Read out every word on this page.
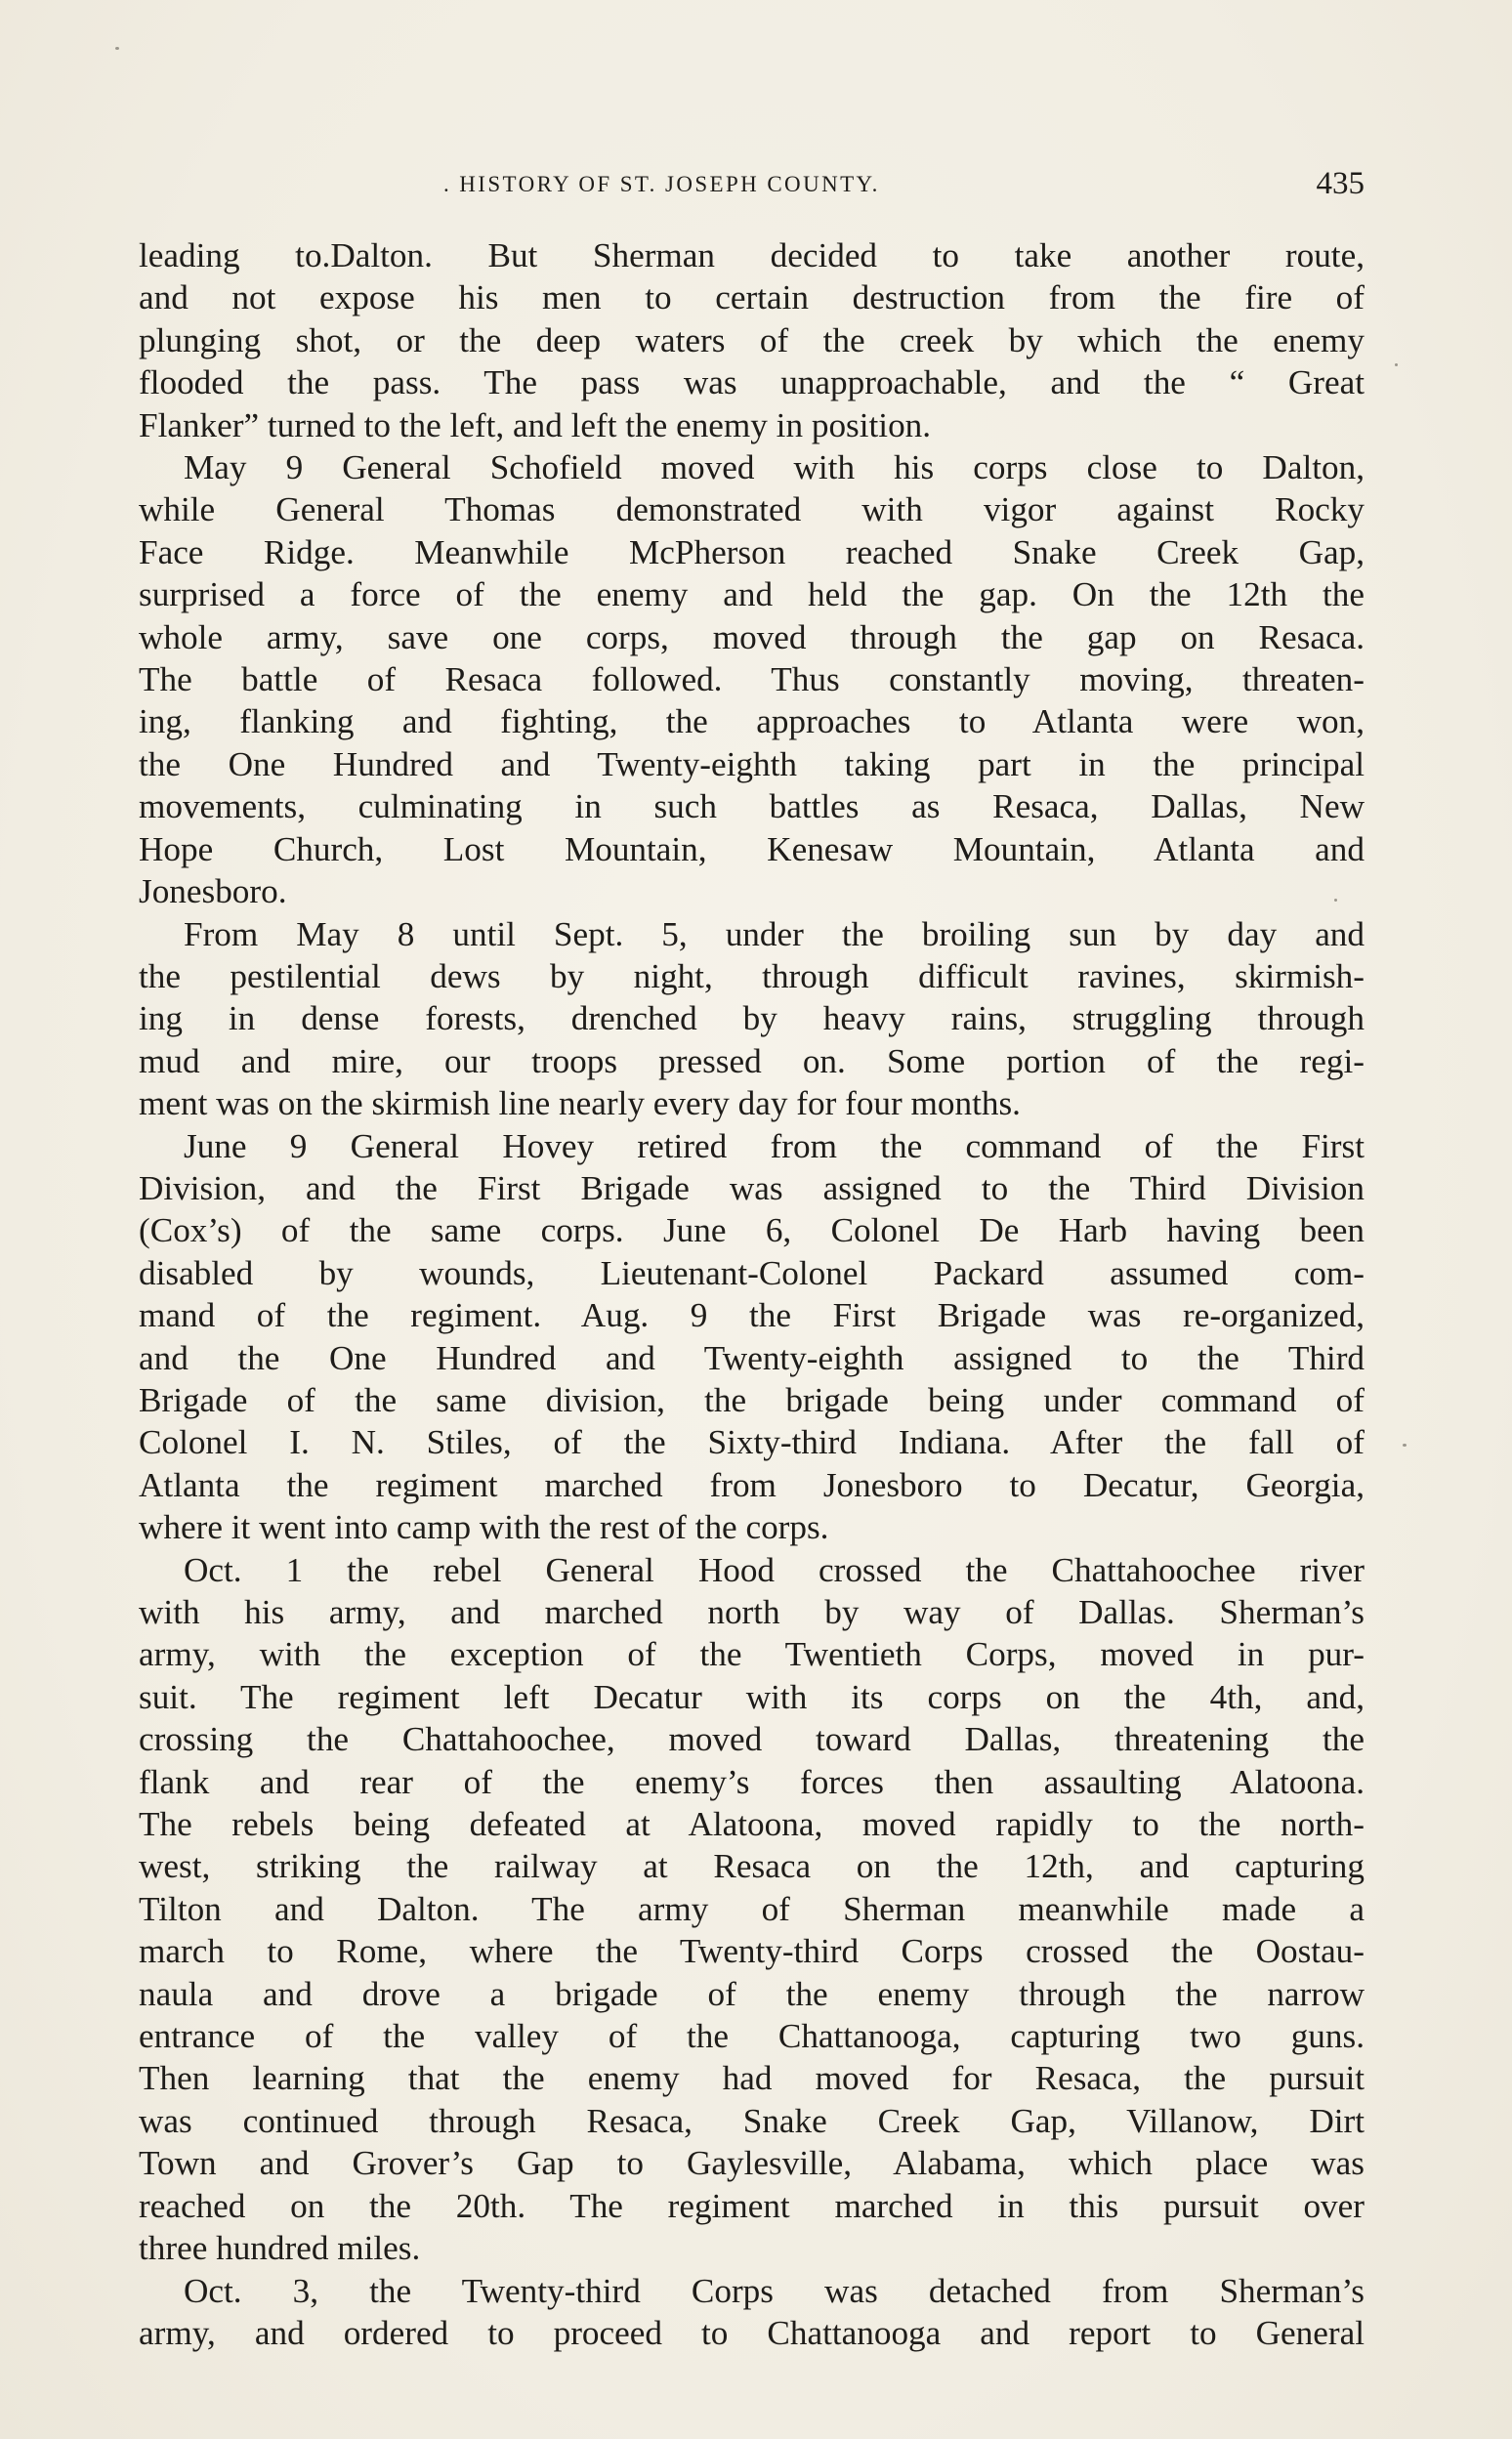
. HISTORY OF ST. JOSEPH COUNTY.	435
leading to.Dalton. But Sherman decided to take another route,
and not expose his men to certain destruction from the fire of
plunging shot, or the deep waters of the creek by which the enemy
flooded the pass. The pass was unapproachable, and the “ Great
Flanker” turned to the left, and left the enemy in position.
May 9 General Schofield moved with his corps close to Dalton,
while General Thomas demonstrated with vigor against Rocky
Face Ridge. Meanwhile McPherson reached Snake Creek Gap,
surprised a force of the enemy and held the gap. On the 12th the
whole army, save one corps, moved through the gap on Resaca.
The battle of Resaca followed. Thus constantly moving, threaten-
ing, flanking and fighting, the approaches to Atlanta were won,
the One Hundred and Twenty-eighth taking part in the principal
movements, culminating in such battles as Resaca, Dallas, New
Hope Church, Lost Mountain, Kenesaw Mountain, Atlanta and
Jonesboro.
From May 8 until Sept. 5, under the broiling sun by day and
the pestilential dews by night, through difficult ravines, skirmish-
ing in dense forests, drenched by heavy rains, struggling through
mud and mire, our troops pressed on. Some portion of the regi-
ment was on the skirmish line nearly every day for four months.
June 9 General Hovey retired from the command of the First
Division, and the First Brigade was assigned to the Third Division
(Cox’s) of the same corps. June 6, Colonel De Harb having been
disabled by wounds, Lieutenant-Colonel Packard assumed com-
mand of the regiment. Aug. 9 the First Brigade was re-organized,
and the One Hundred and Twenty-eighth assigned to the Third
Brigade of the same division, the brigade being under command of
Colonel I. N. Stiles, of the Sixty-third Indiana. After the fall of
Atlanta the regiment marched from Jonesboro to Decatur, Georgia,
where it went into camp with the rest of the corps.
Oct. 1 the rebel General Hood crossed the Chattahoochee river
with his army, and marched north by way of Dallas. Sherman’s
army, with the exception of the Twentieth Corps, moved in pur-
suit. The regiment left Decatur with its corps on the 4th, and,
crossing the Chattahoochee, moved toward Dallas, threatening the
flank and rear of the enemy’s forces then assaulting Alatoona.
The rebels being defeated at Alatoona, moved rapidly to the north-
west, striking the railway at Resaca on the 12th, and capturing
Tilton and Dalton. The army of Sherman meanwhile made a
march to Rome, where the Twenty-third Corps crossed the Oostau-
naula and drove a brigade of the enemy through the narrow
entrance of the valley of the Chattanooga, capturing two guns.
Then learning that the enemy had moved for Resaca, the pursuit
was continued through Resaca, Snake Creek Gap, Villanow, Dirt
Town and Grover’s Gap to Gaylesville, Alabama, which place was
reached on the 20th. The regiment marched in this pursuit over
three hundred miles.
Oct. 3, the Twenty-third Corps was detached from Sherman’s
army, and ordered to proceed to Chattanooga and report to General
